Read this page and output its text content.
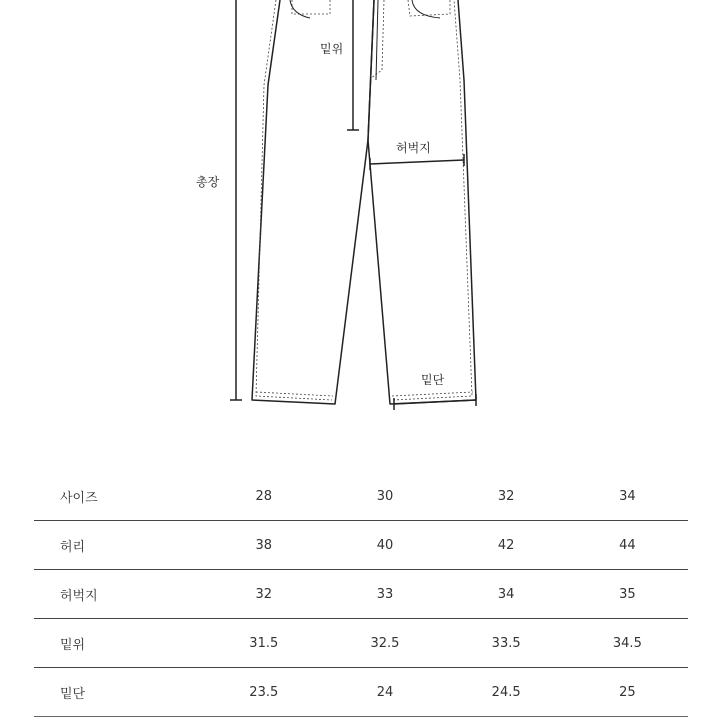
총장
밑위
허벅지
밑단
사이즈	28	30	32	34
허리	38	40	42	44
허벅지	32	33	34	35
밑위	31.5	32.5	33.5	34.5
밑단	23.5	24	24.5	25
